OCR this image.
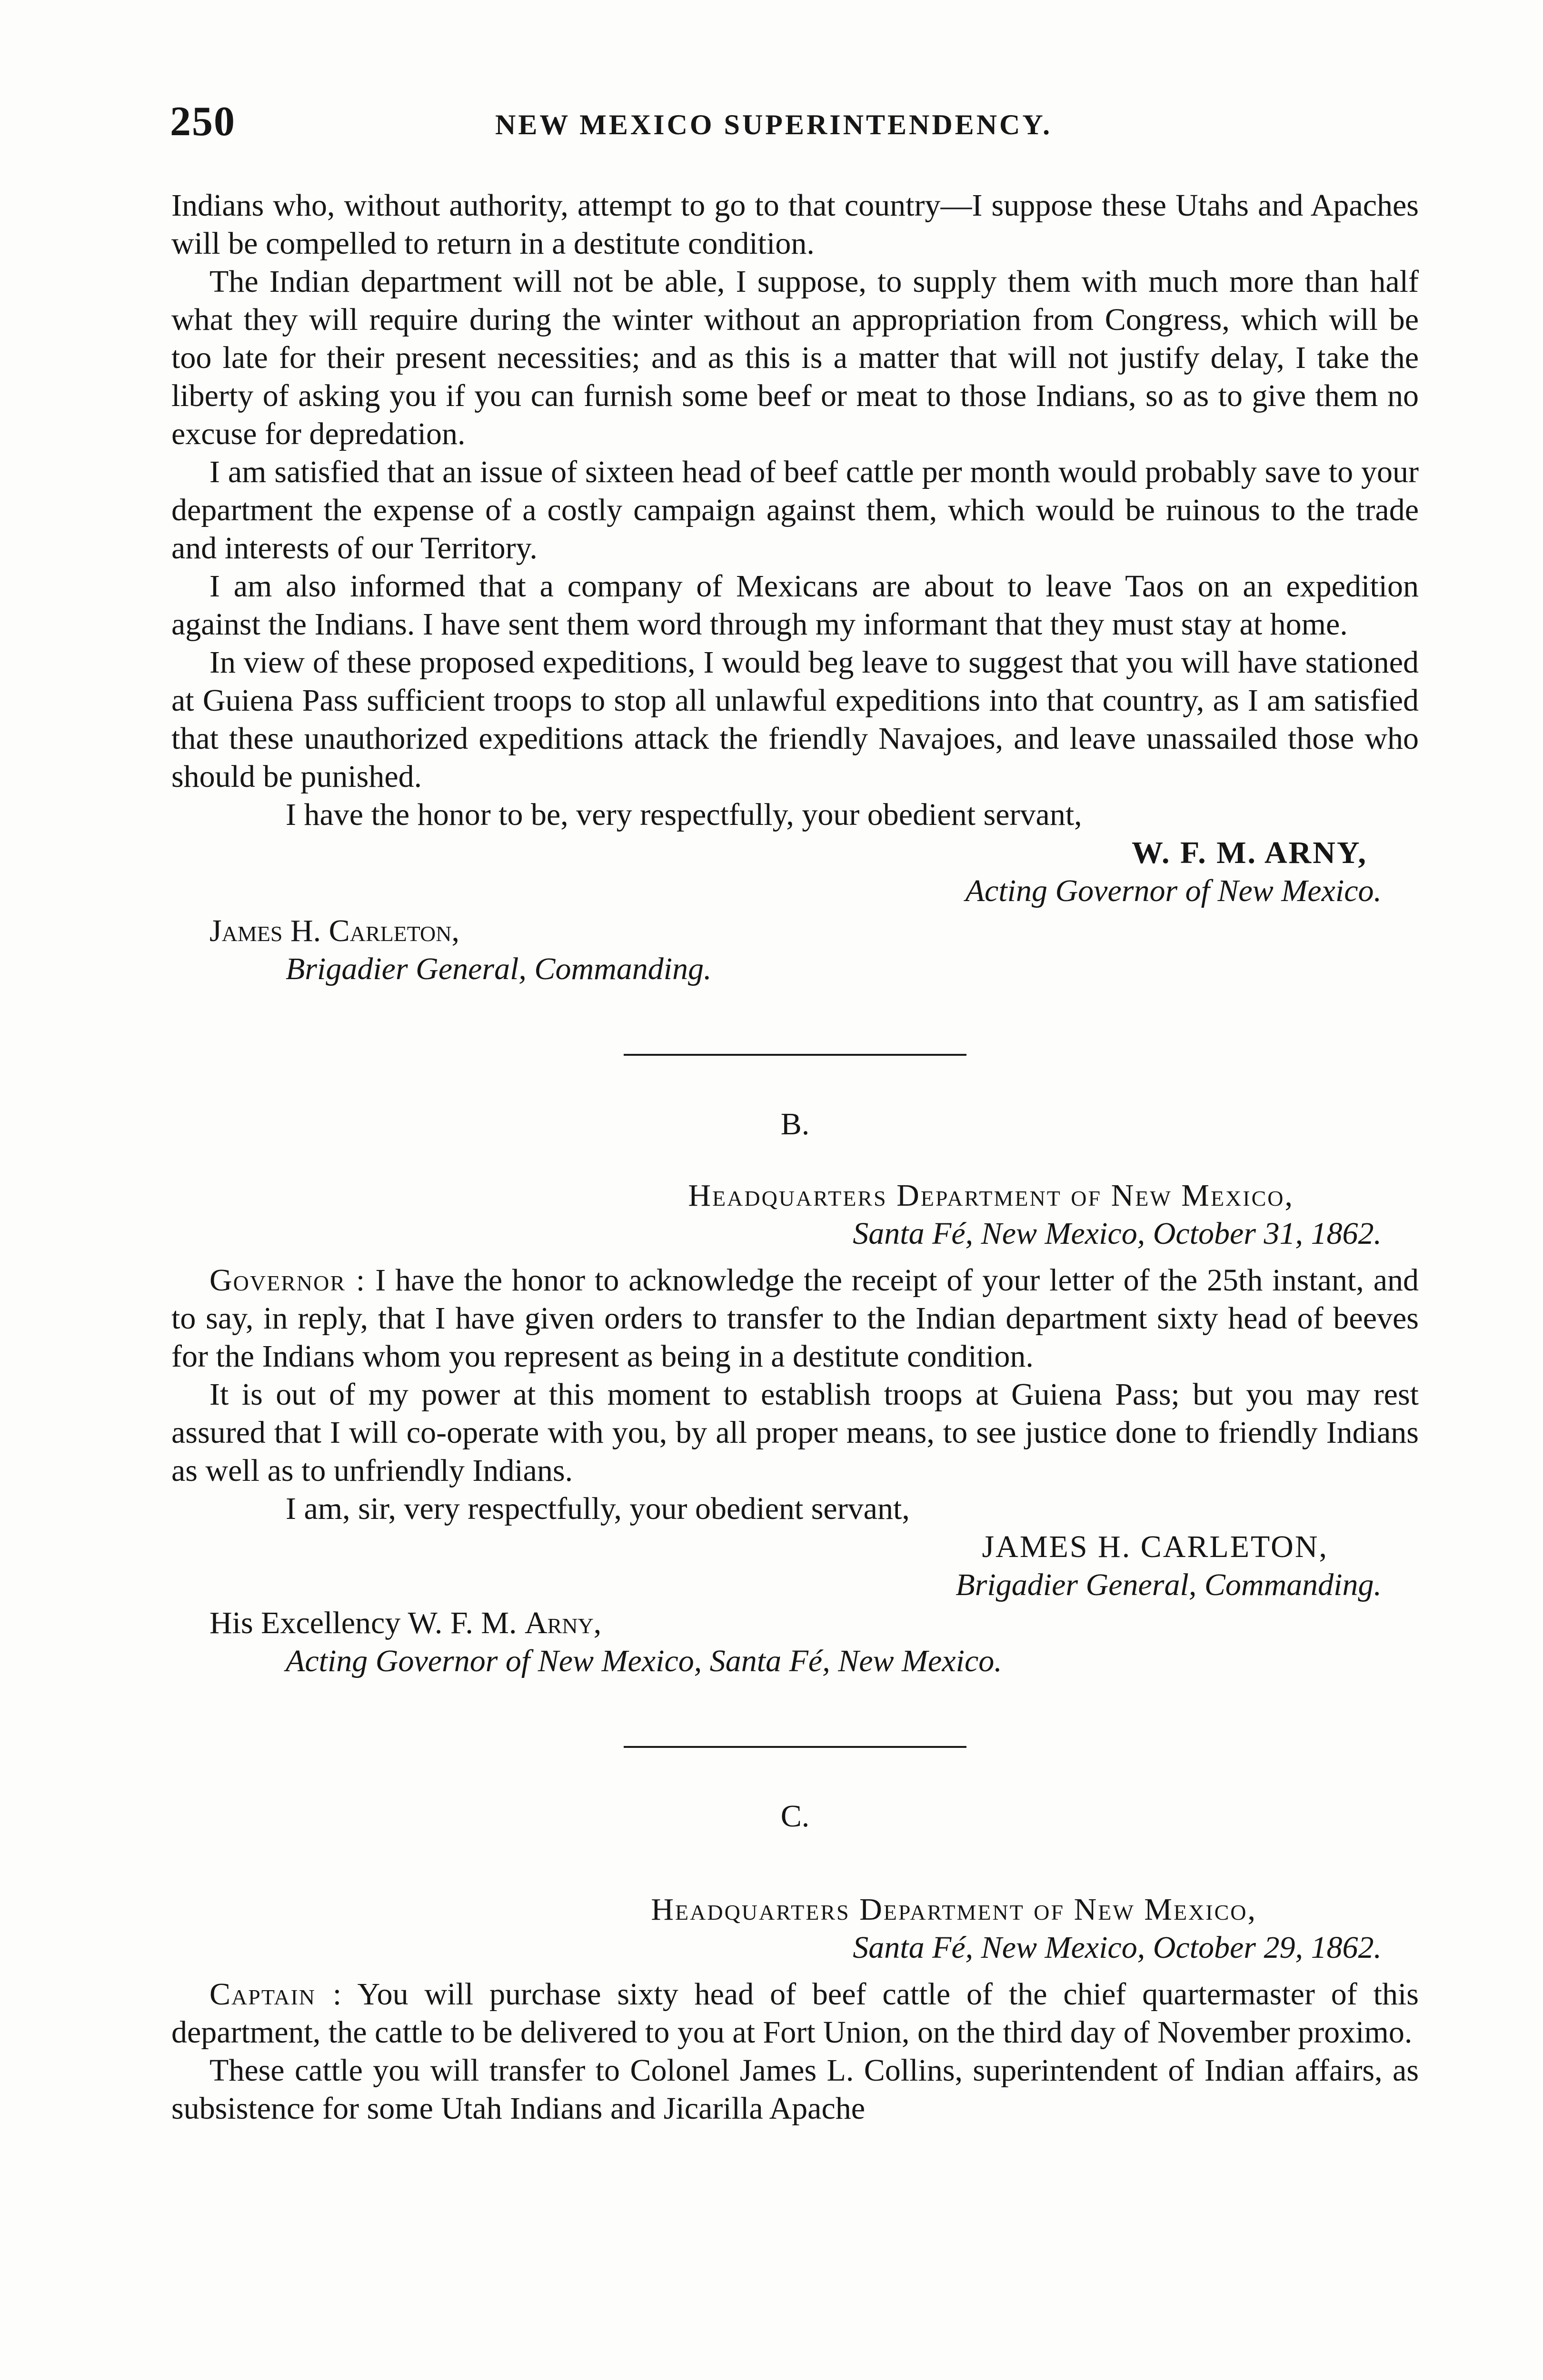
250	NEW MEXICO SUPERINTENDENCY.

Indians who, without authority, attempt to go to that country—I suppose these Utahs and Apaches will be compelled to return in a destitute condition.

The Indian department will not be able, I suppose, to supply them with much more than half what they will require during the winter without an appropriation from Congress, which will be too late for their present necessities; and as this is a matter that will not justify delay, I take the liberty of asking you if you can furnish some beef or meat to those Indians, so as to give them no excuse for depredation.

I am satisfied that an issue of sixteen head of beef cattle per month would probably save to your department the expense of a costly campaign against them, which would be ruinous to the trade and interests of our Territory.

I am also informed that a company of Mexicans are about to leave Taos on an expedition against the Indians. I have sent them word through my informant that they must stay at home.

In view of these proposed expeditions, I would beg leave to suggest that you will have stationed at Guiena Pass sufficient troops to stop all unlawful expeditions into that country, as I am satisfied that these unauthorized expeditions attack the friendly Navajoes, and leave unassailed those who should be punished.

I have the honor to be, very respectfully, your obedient servant,

W. F. M. ARNY,

Acting Governor of New Mexico.

James H. Carleton,

Brigadier General, Commanding.

B.

Headquarters Department of New Mexico,

Santa Fé, New Mexico, October 31, 1862.

Governor : I have the honor to acknowledge the receipt of your letter of the 25th instant, and to say, in reply, that I have given orders to transfer to the Indian department sixty head of beeves for the Indians whom you represent as being in a destitute condition.

It is out of my power at this moment to establish troops at Guiena Pass; but you may rest assured that I will co-operate with you, by all proper means, to see justice done to friendly Indians as well as to unfriendly Indians.

I am, sir, very respectfully, your obedient servant,

JAMES H. CARLETON,

Brigadier General, Commanding.

His Excellency W. F. M. Arny,

Acting Governor of New Mexico, Santa Fé, New Mexico.

C.

Headquarters Department of New Mexico,

Santa Fé, New Mexico, October 29, 1862.

Captain : You will purchase sixty head of beef cattle of the chief quartermaster of this department, the cattle to be delivered to you at Fort Union, on the third day of November proximo.

These cattle you will transfer to Colonel James L. Collins, superintendent of Indian affairs, as subsistence for some Utah Indians and Jicarilla Apache
